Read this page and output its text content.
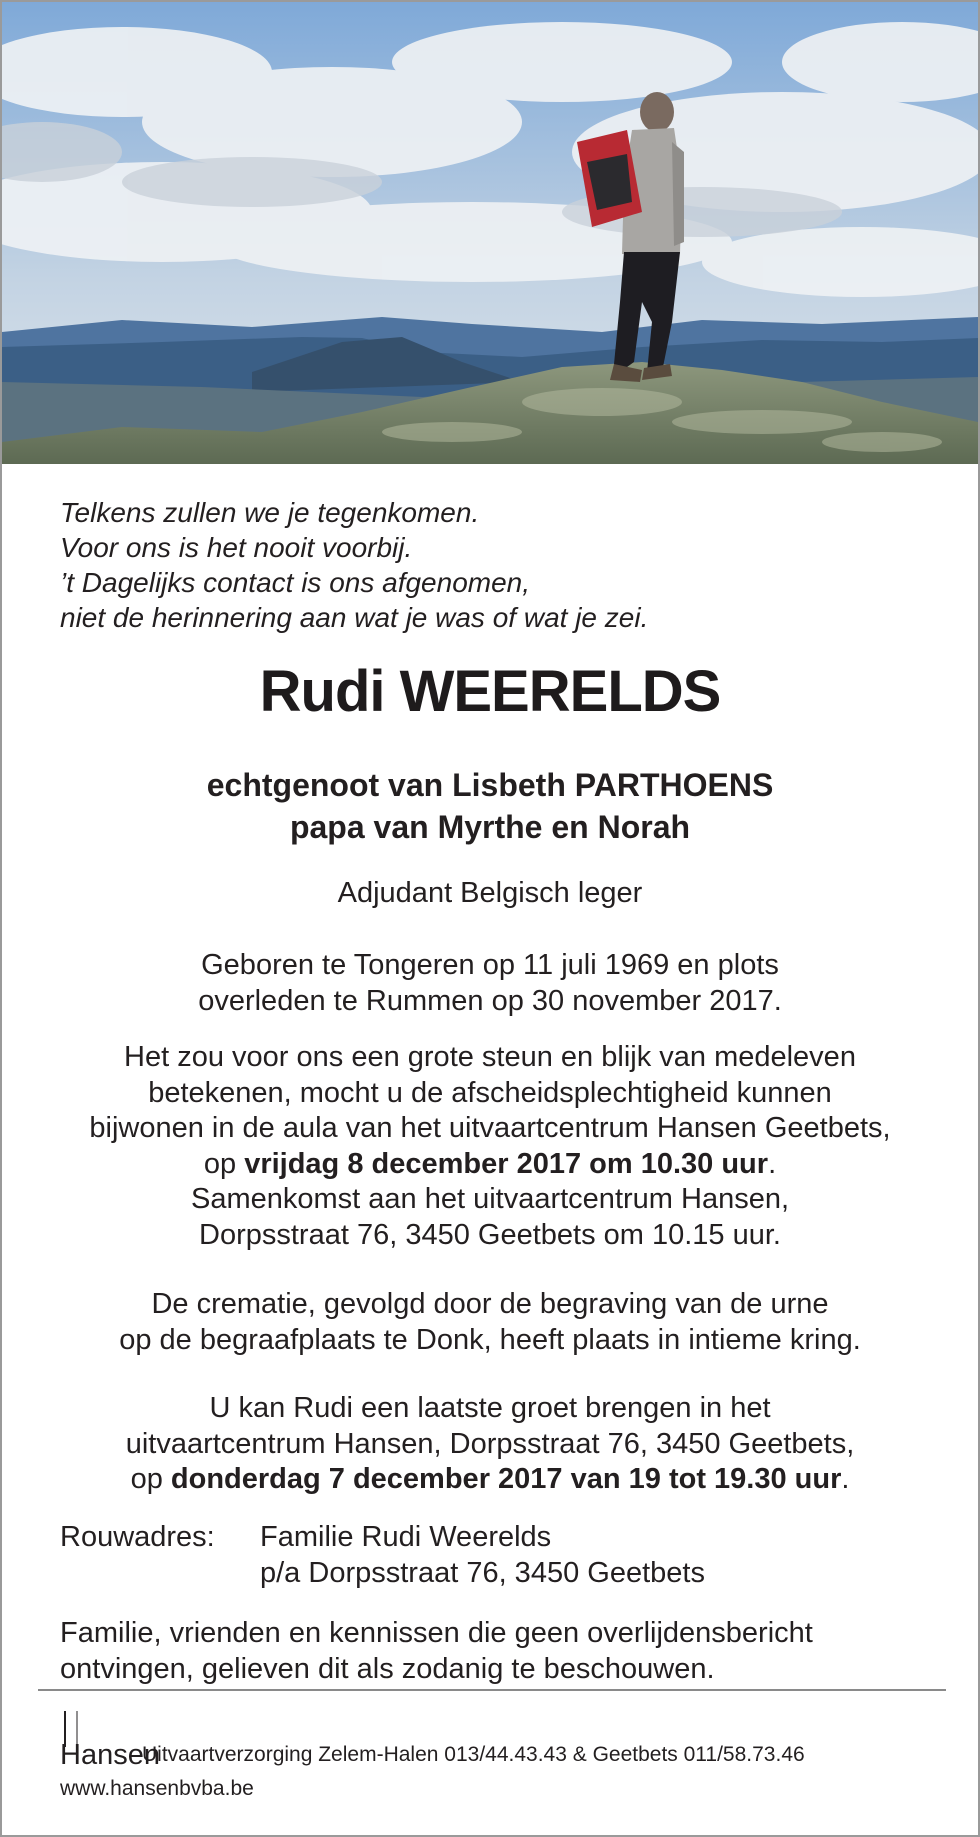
Telkens zullen we je tegenkomen.
Voor ons is het nooit voorbij.
’t Dagelijks contact is ons afgenomen,
niet de herinnering aan wat je was of wat je zei.
Rudi WEERELDS
echtgenoot van Lisbeth PARTHOENS
papa van Myrthe en Norah
Adjudant Belgisch leger
Geboren te Tongeren op 11 juli 1969 en plots
overleden te Rummen op 30 november 2017.
Het zou voor ons een grote steun en blijk van medeleven
betekenen, mocht u de afscheidsplechtigheid kunnen
bijwonen in de aula van het uitvaartcentrum Hansen Geetbets,
op vrijdag 8 december 2017 om 10.30 uur.
Samenkomst aan het uitvaartcentrum Hansen,
Dorpsstraat 76, 3450 Geetbets om 10.15 uur.
De crematie, gevolgd door de begraving van de urne
op de begraafplaats te Donk, heeft plaats in intieme kring.
U kan Rudi een laatste groet brengen in het
uitvaartcentrum Hansen, Dorpsstraat 76, 3450 Geetbets,
op donderdag 7 december 2017 van 19 tot 19.30 uur.
Rouwadres: Familie Rudi Weerelds
p/a Dorpsstraat 76, 3450 Geetbets
Familie, vrienden en kennissen die geen overlijdensbericht
ontvingen, gelieven dit als zodanig te beschouwen.
Hansen
Uitvaartverzorging Zelem-Halen 013/44.43.43 & Geetbets 011/58.73.46
www.hansenbvba.be
